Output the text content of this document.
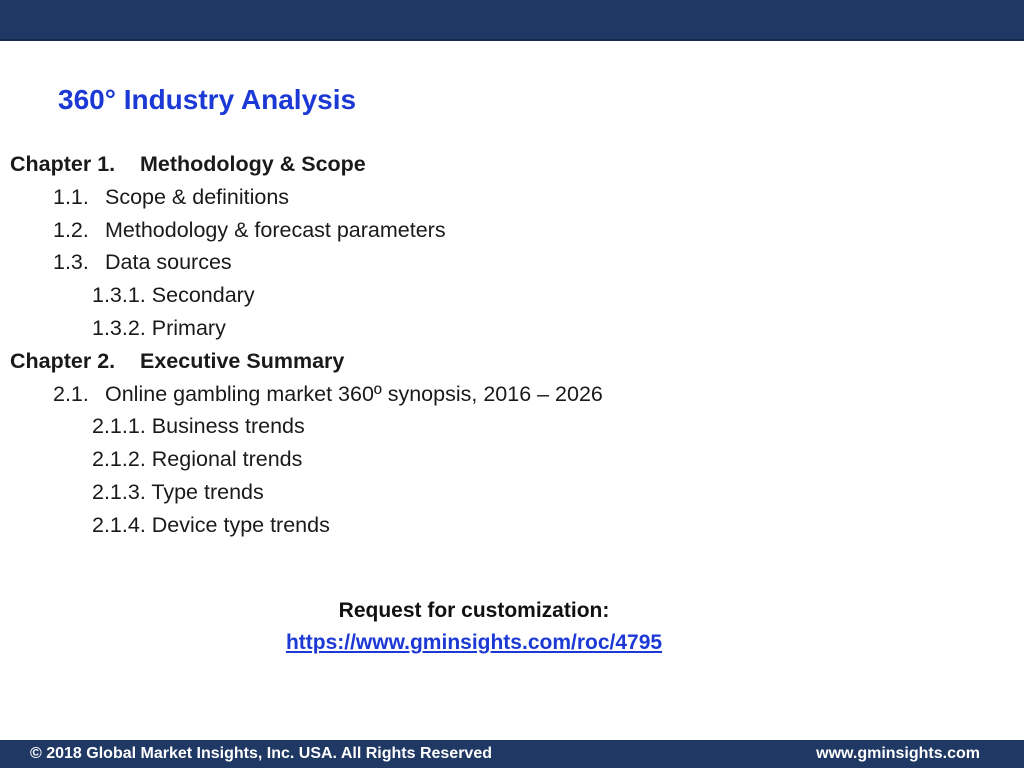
360° Industry Analysis
Chapter 1. Methodology & Scope
1.1. Scope & definitions
1.2. Methodology & forecast parameters
1.3. Data sources
1.3.1. Secondary
1.3.2. Primary
Chapter 2. Executive Summary
2.1. Online gambling market 360º synopsis, 2016 – 2026
2.1.1. Business trends
2.1.2. Regional trends
2.1.3. Type trends
2.1.4. Device type trends
Request for customization:
https://www.gminsights.com/roc/4795
© 2018 Global Market Insights, Inc. USA. All Rights Reserved	www.gminsights.com
